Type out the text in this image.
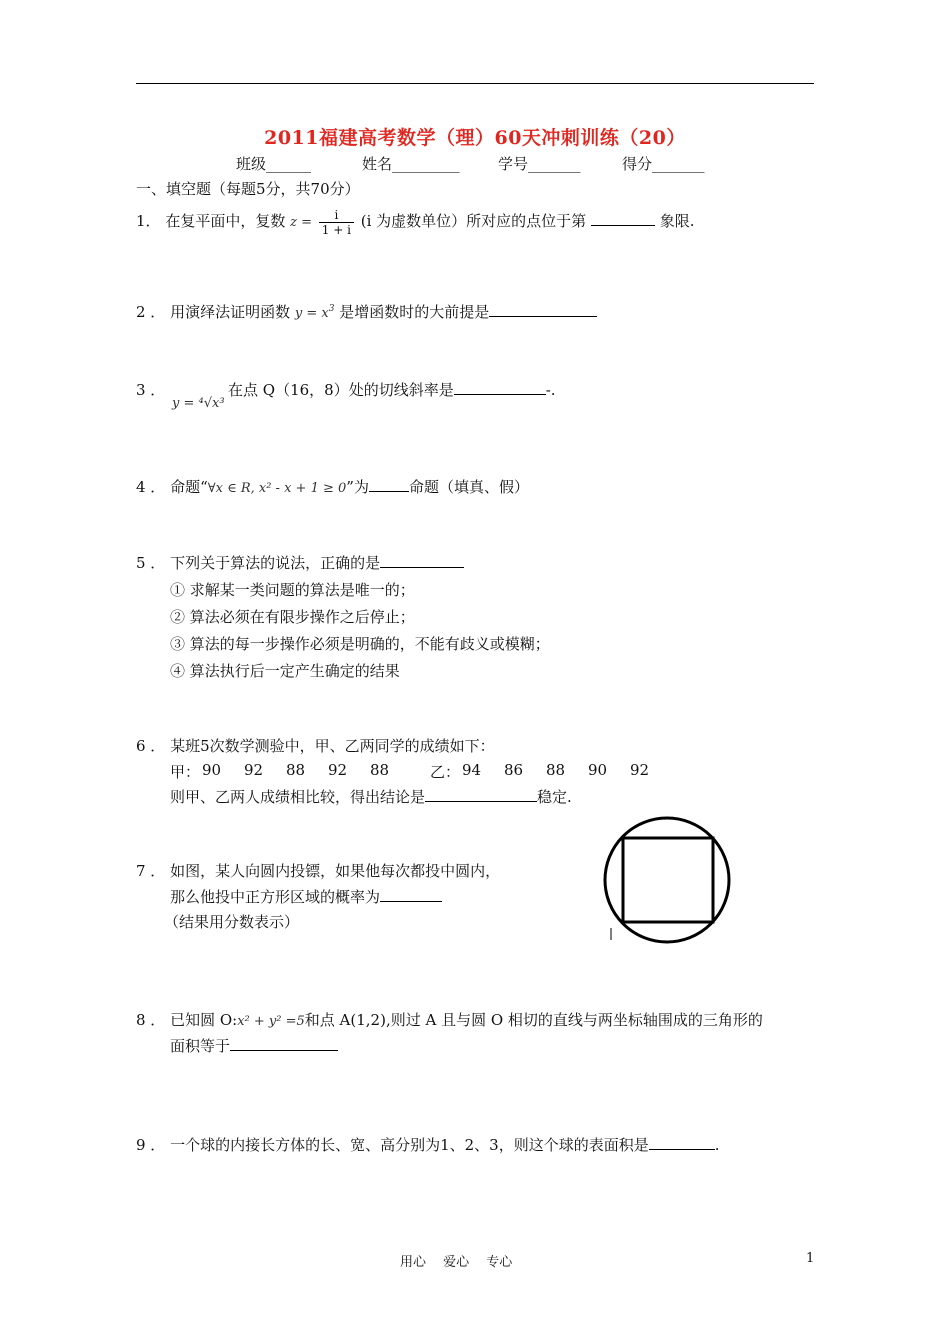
2011福建高考数学（理）60天冲刺训练（20）
班级______	姓名_________	学号_______	得分_______
一、填空题（每题5分，共70分）
1． 在复平面中，复数 $z = \frac{i}{1 + i} (i$ 为虚数单位）所对应的点位于第	象限.
2 ． 用演绎法证明函数 $y = x^3$ 是增函数时的大前提是
3 ．
y = ⁴√x³
在点 Q（16，8）处的切线斜率是	-.
4 ． 命题“∀x ∈ R, x² - x + 1 ≥ 0”为	命题（填真、假）
5 ． 下列关于算法的说法，正确的是
① 求解某一类问题的算法是唯一的；
② 算法必须在有限步操作之后停止；
③ 算法的每一步操作必须是明确的，不能有歧义或模糊；
④ 算法执行后一定产生确定的结果
6 ． 某班5次数学测验中，甲、乙两同学的成绩如下：
甲： 90 92 88 92 88	乙： 94 86 88 90 92
则甲、乙两人成绩相比较，得出结论是	稳定.
7 ． 如图，某人向圆内投镖，如果他每次都投中圆内，
那么他投中正方形区域的概率为
（结果用分数表示）
8 ． 已知圆 O:x² + y² =5和点 A(1,2),则过 A 且与圆 O 相切的直线与两坐标轴围成的三角形的
面积等于
9 ． 一个球的内接长方体的长、宽、高分别为1、2、3，则这个球的表面积是	.
用心　 爱心　 专心	1
